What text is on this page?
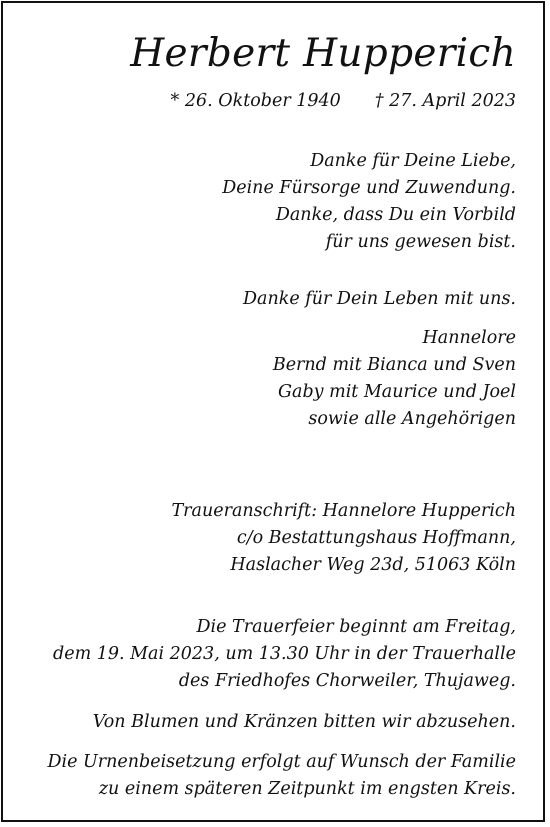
Herbert Hupperich
* 26. Oktober 1940 † 27. April 2023
Danke für Deine Liebe,
Deine Fürsorge und Zuwendung.
Danke, dass Du ein Vorbild
für uns gewesen bist.
Danke für Dein Leben mit uns.
Hannelore
Bernd mit Bianca und Sven
Gaby mit Maurice und Joel
sowie alle Angehörigen
Traueranschrift: Hannelore Hupperich
c/o Bestattungshaus Hoffmann,
Haslacher Weg 23d, 51063 Köln
Die Trauerfeier beginnt am Freitag,
dem 19. Mai 2023, um 13.30 Uhr in der Trauerhalle
des Friedhofes Chorweiler, Thujaweg.
Von Blumen und Kränzen bitten wir abzusehen.
Die Urnenbeisetzung erfolgt auf Wunsch der Familie
zu einem späteren Zeitpunkt im engsten Kreis.
